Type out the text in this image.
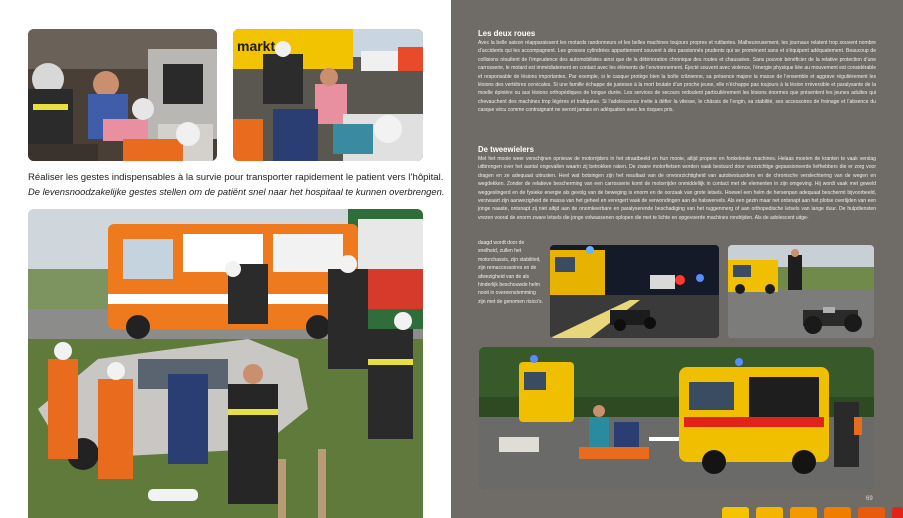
markt
Réaliser les gestes indispensables à la survie pour transporter rapidement le patient vers l’hôpital.
De levensnoodzakelijke gestes stellen om de patiënt snel naar het hospitaal te kunnen overbrengen.
Les deux roues
Avec la belle saison réapparaissent les motards randonneurs et les belles machines toujours propres et rutilantes. Malheureusement, les journaux relatent trop souvent nombre d’accidents qui les accompagnent. Les grosses cylindrées appartiennent souvent à des passionnés prudents qui se promènent sans et s’équipent adéquatement. Beaucoup de collisions résultent de l’imprudence des automobilistes ainsi que de la détérioration chronique des routes et chaussées. Sans pouvoir bénéficier de la relative protection d’une carrosserie, le motard est immédiatement en contact avec les éléments de l’environnement. Éjecté souvent avec violence, l’énergie physique liée au mouvement est considérable et responsable de lésions importantes. Par exemple, si le casque protège bien la boîte crânienne, sa présence majore la masse de l’ensemble et aggrave régulièrement les lésions des vertèbres cervicales. Si une famille échappe de justesse à la mort brutale d’un proche jeune, elle n’échappe pas toujours à la lésion irréversible et paralysante de la moelle épinière ou aux lésions orthopédiques de longue durée. Les services de secours redoutent particulièrement les lésions énormes que présentent les jeunes adultes qui chevauchent des machines trop légères et trafiquées. Si l’adolescence invite à défier la vitesse, le châssis de l’engin, sa stabilité, ses accessoires de freinage et l’absence du casque vécu comme contraignant ne seront jamais en adéquation avec les risques pris.
De tweewielers
Met het mooie weer verschijnen opnieuw de motorrijders in het straatbeeld en hun mooie, altijd propere en fonkelende machines. Helaas moeten de kranten te vaak verslag uitbrengen over het aantal ongevallen waarin zij betrokken raken. De zware motorfietsen worden vaak bestuurd door voorzichtige gepassioneerde liefhebbers die er zorg voor dragen en ze adequaat uitrusten. Heel wat botsingen zijn het resultaat van de onvoorzichtigheid van autobestuurders en de chronische verslechtering van de wegen en wegdekken. Zonder de relatieve bescherming van een carrosserie komt de motorrijder onmiddellijk in contact met de elementen in zijn omgeving. Hij wordt vaak met geweld weggeslingerd en de fysieke energie als gevolg van de beweging is enorm en de oorzaak van grote letsels. Hoewel een helm de hersenpan adequaat beschermt bijvoorbeeld, verzwaart zijn aanwezigheid de massa van het geheel en verergert vaak de verwondingen aan de halswervels. Als een gezin maar net ontsnapt aan het plotse overlijden van een jonge naaste, ontsnapt zij niet altijd aan de onomkeerbare en paralyserende beschadiging van het ruggenmerg of aan orthopedische letsels van lange duur. De hulpdiensten vrezen vooral de enorm zware letsels die jonge volwassenen oplopen die met te lichte en opgevoerde machines rondrijden. Als de adolescent uitge-
daagd wordt door de snelheid, zullen het motorchassis, zijn stabiliteit, zijn remaccessoires en de afwezigheid van de als hinderlijk beschouwde helm nooit in overeenstemming zijn met de genomen risico’s.
69
